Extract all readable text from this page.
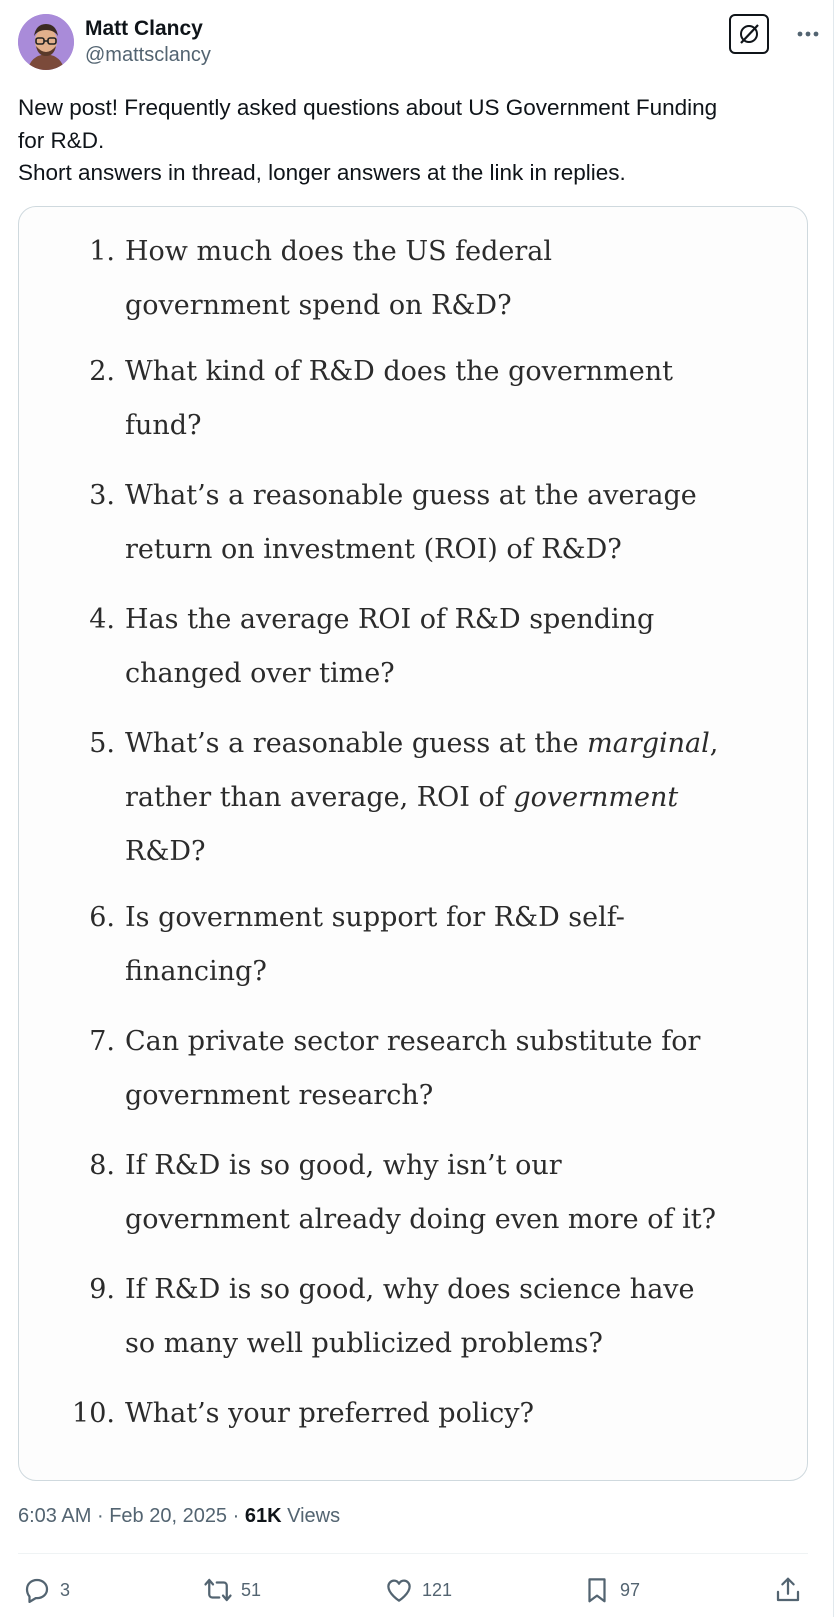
Matt Clancy
@mattsclancy
New post! Frequently asked questions about US Government Funding
for R&D.
Short answers in thread, longer answers at the link in replies.
1. How much does the US federal
government spend on R&D?
2. What kind of R&D does the government
fund?
3. What’s a reasonable guess at the average
return on investment (ROI) of R&D?
4. Has the average ROI of R&D spending
changed over time?
5. What’s a reasonable guess at the marginal,
rather than average, ROI of government
R&D?
6. Is government support for R&D self-
financing?
7. Can private sector research substitute for
government research?
8. If R&D is so good, why isn’t our
government already doing even more of it?
9. If R&D is so good, why does science have
so many well publicized problems?
10. What’s your preferred policy?
6:03 AM · Feb 20, 2025 · 61K Views
3	51	121	97
